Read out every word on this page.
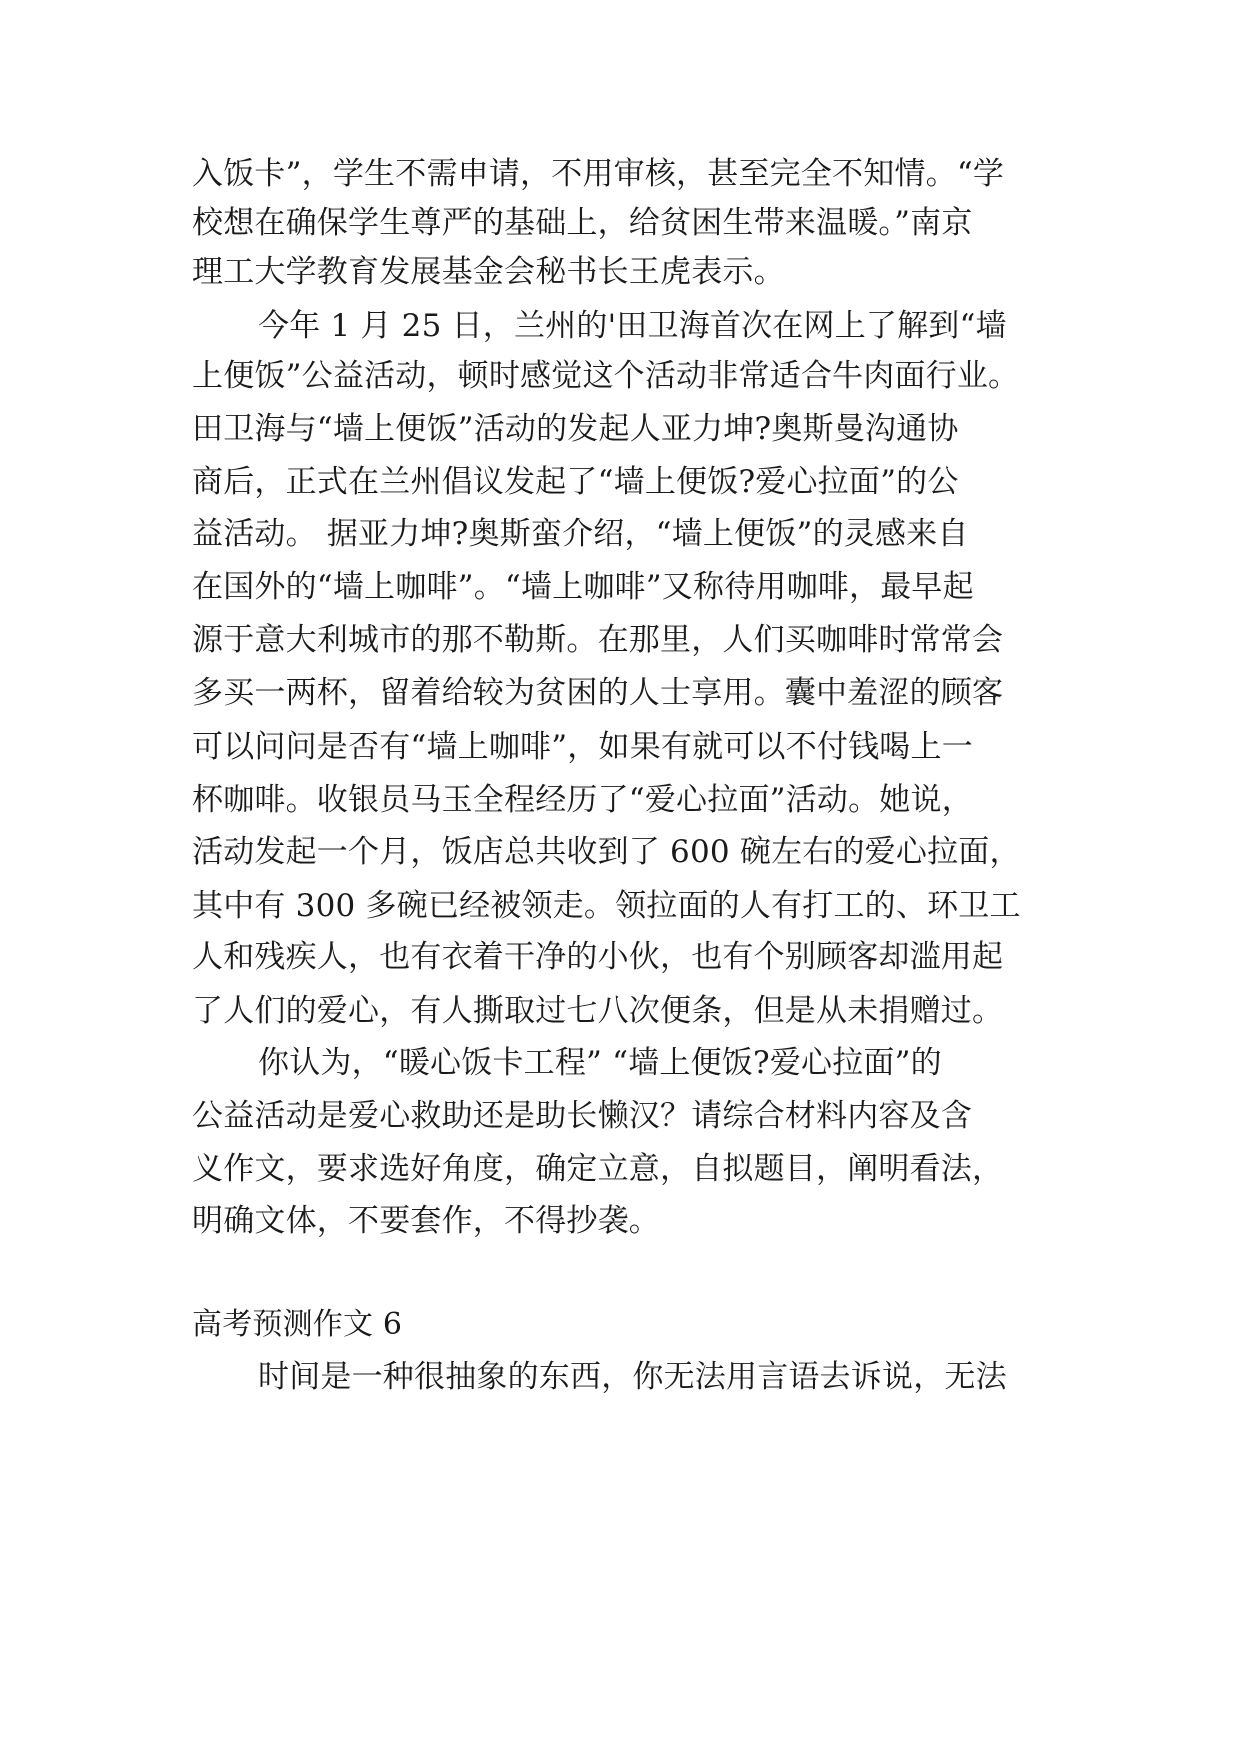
入饭卡”，学生不需申请，不用审核，甚至完全不知情。“学
校想在确保学生尊严的基础上，给贫困生带来温暖。”南京
理工大学教育发展基金会秘书长王虎表示。
今年 1 月 25 日，兰州的'田卫海首次在网上了解到“墙
上便饭”公益活动，顿时感觉这个活动非常适合牛肉面行业。
田卫海与“墙上便饭”活动的发起人亚力坤?奥斯曼沟通协
商后，正式在兰州倡议发起了“墙上便饭?爱心拉面”的公
益活动。 据亚力坤?奥斯蛮介绍，“墙上便饭”的灵感来自
在国外的“墙上咖啡”。“墙上咖啡”又称待用咖啡，最早起
源于意大利城市的那不勒斯。在那里，人们买咖啡时常常会
多买一两杯，留着给较为贫困的人士享用。囊中羞涩的顾客
可以问问是否有“墙上咖啡”，如果有就可以不付钱喝上一
杯咖啡。收银员马玉全程经历了“爱心拉面”活动。她说，
活动发起一个月，饭店总共收到了 600 碗左右的爱心拉面，
其中有 300 多碗已经被领走。领拉面的人有打工的、环卫工
人和残疾人，也有衣着干净的小伙，也有个别顾客却滥用起
了人们的爱心，有人撕取过七八次便条，但是从未捐赠过。
你认为，“暖心饭卡工程” “墙上便饭?爱心拉面”的
公益活动是爱心救助还是助长懒汉？请综合材料内容及含
义作文，要求选好角度，确定立意，自拟题目，阐明看法，
明确文体，不要套作，不得抄袭。
高考预测作文 6
时间是一种很抽象的东西，你无法用言语去诉说，无法
